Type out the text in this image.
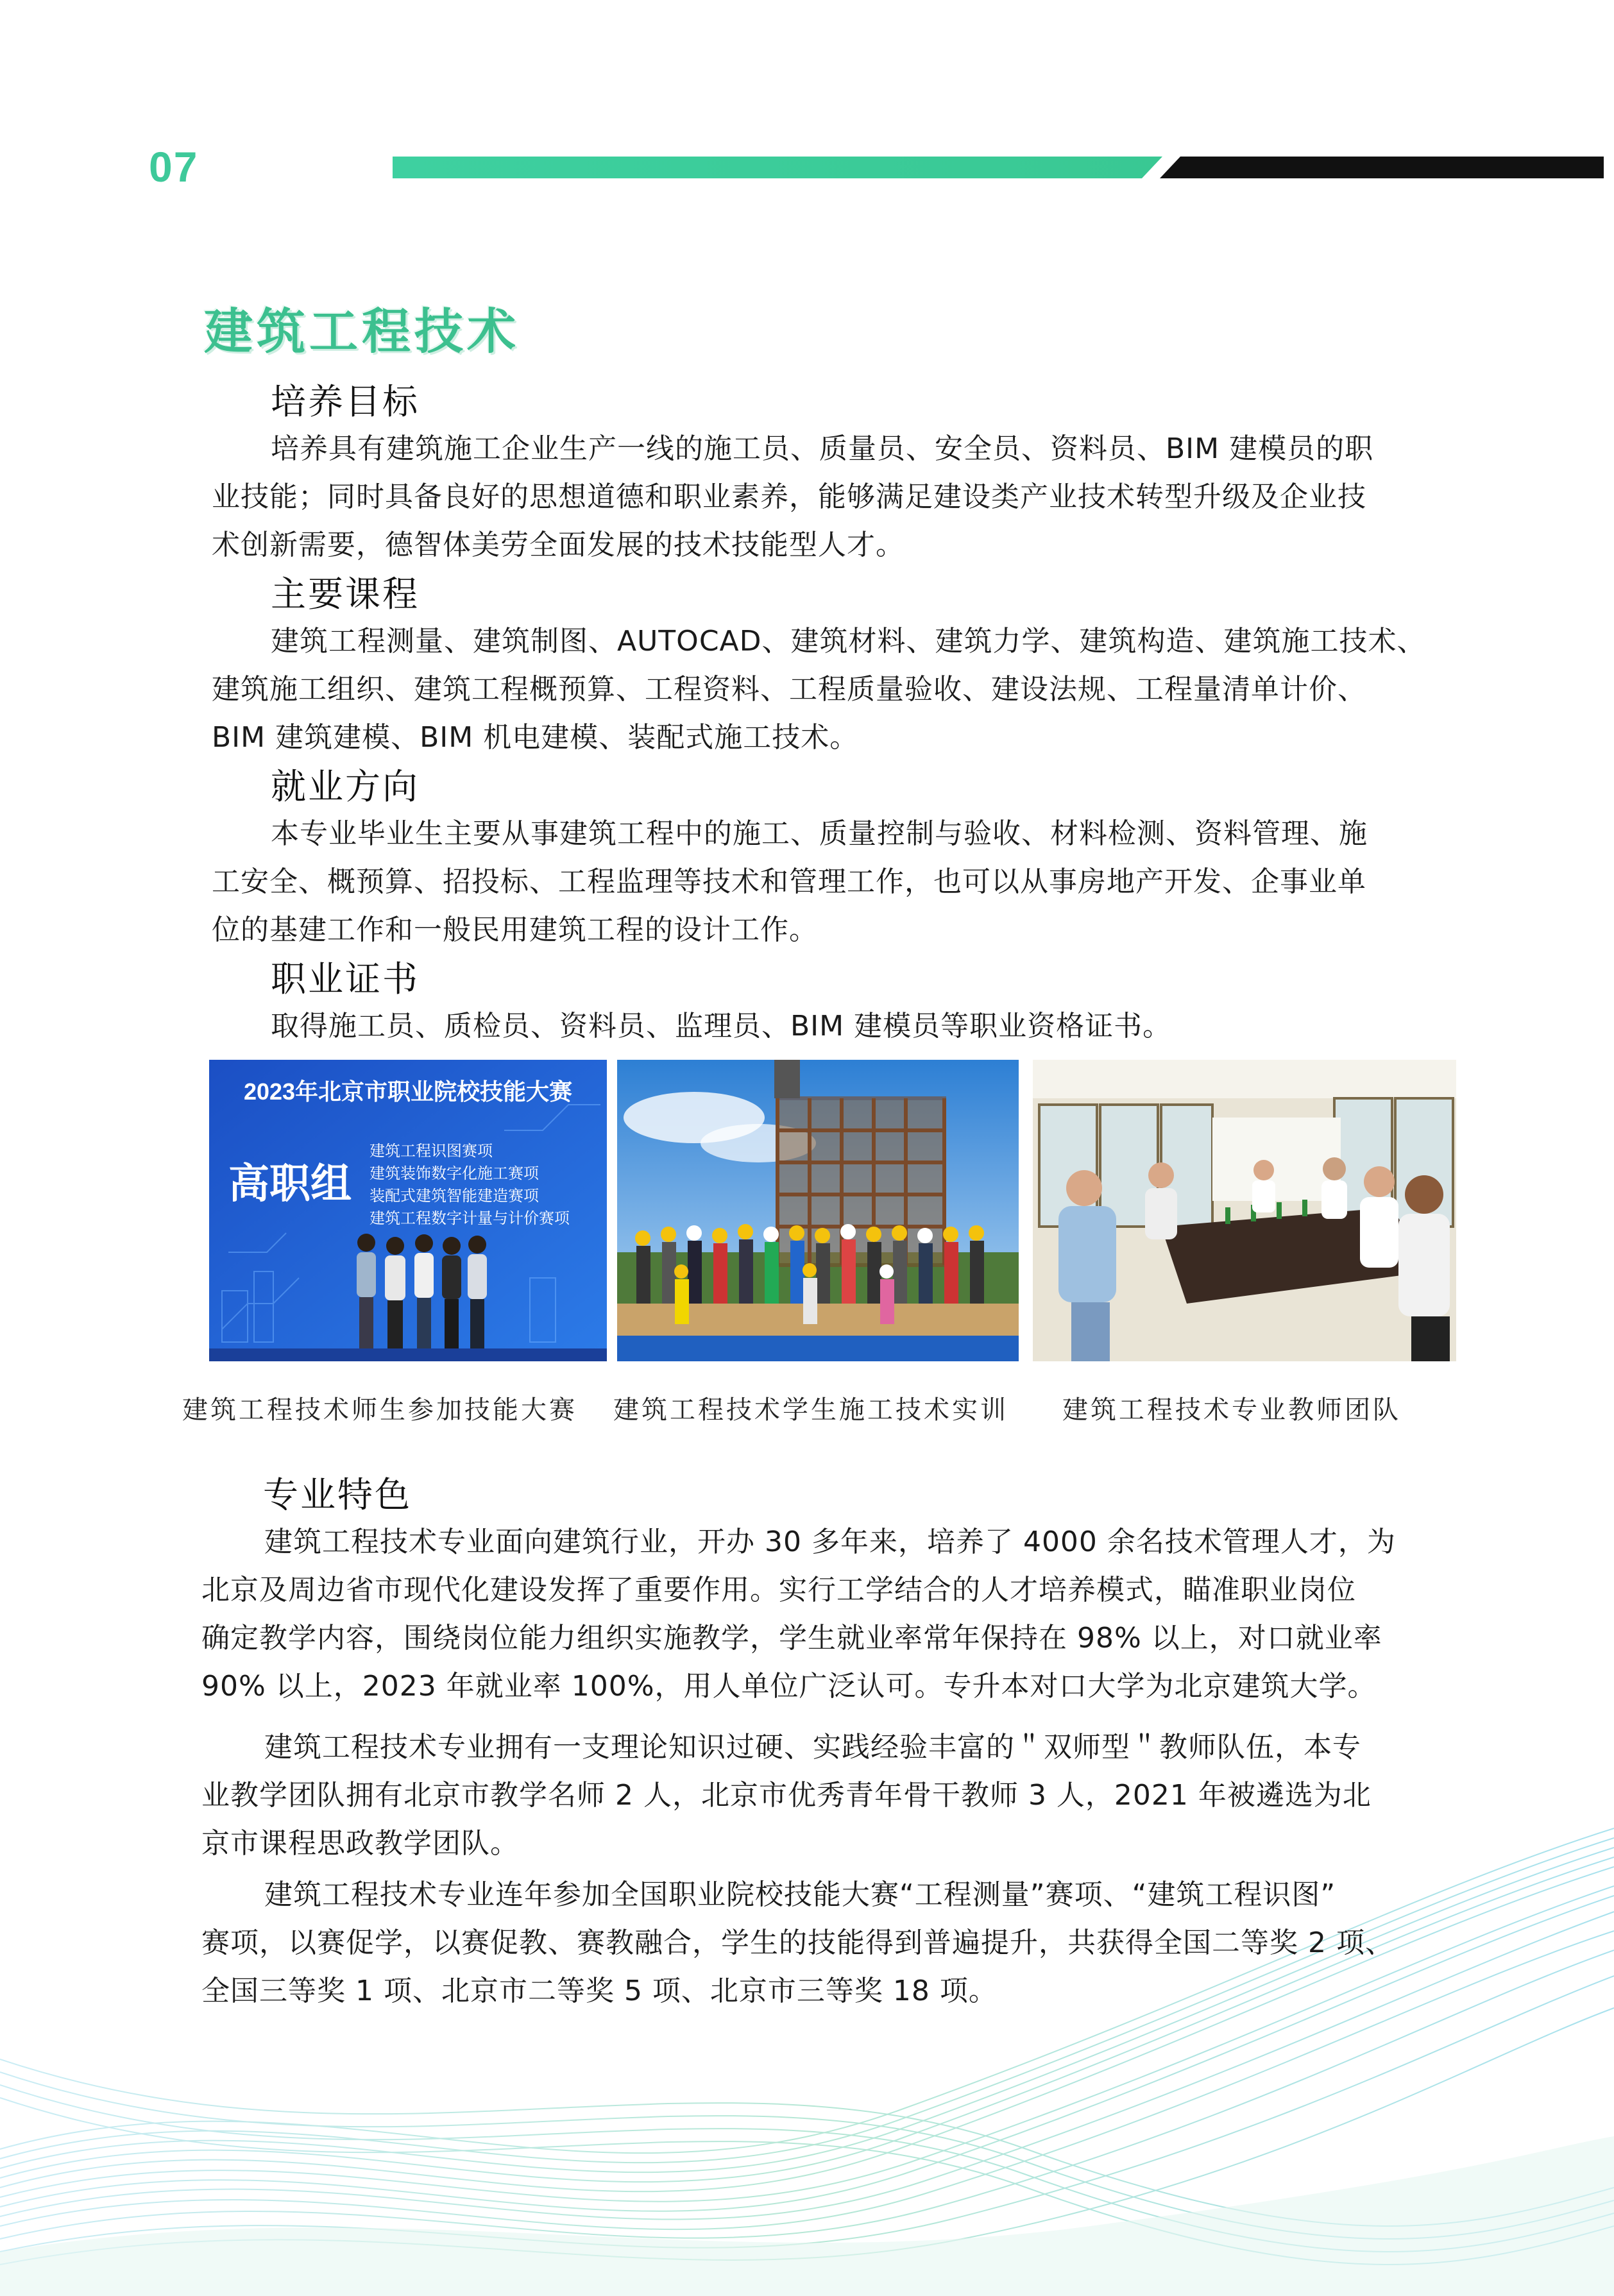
07
建筑工程技术
培养目标
培养具有建筑施工企业生产一线的施工员、质量员、安全员、资料员、BIM 建模员的职
业技能；同时具备良好的思想道德和职业素养，能够满足建设类产业技术转型升级及企业技
术创新需要，德智体美劳全面发展的技术技能型人才。
主要课程
建筑工程测量、建筑制图、AUTOCAD、建筑材料、建筑力学、建筑构造、建筑施工技术、
建筑施工组织、建筑工程概预算、工程资料、工程质量验收、建设法规、工程量清单计价、
BIM 建筑建模、BIM 机电建模、装配式施工技术。
就业方向
本专业毕业生主要从事建筑工程中的施工、质量控制与验收、材料检测、资料管理、施
工安全、概预算、招投标、工程监理等技术和管理工作，也可以从事房地产开发、企事业单
位的基建工作和一般民用建筑工程的设计工作。
职业证书
取得施工员、质检员、资料员、监理员、BIM 建模员等职业资格证书。
2023年北京市职业院校技能大赛
高职组
建筑工程识图赛项
建筑装饰数字化施工赛项
装配式建筑智能建造赛项
建筑工程数字计量与计价赛项
建筑工程技术师生参加技能大赛 建筑工程技术学生施工技术实训 建筑工程技术专业教师团队
专业特色
建筑工程技术专业面向建筑行业，开办 30 多年来，培养了 4000 余名技术管理人才，为
北京及周边省市现代化建设发挥了重要作用。实行工学结合的人才培养模式，瞄准职业岗位
确定教学内容，围绕岗位能力组织实施教学，学生就业率常年保持在 98% 以上，对口就业率
90% 以上，2023 年就业率 100%，用人单位广泛认可。专升本对口大学为北京建筑大学。
建筑工程技术专业拥有一支理论知识过硬、实践经验丰富的＂双师型＂教师队伍，本专
业教学团队拥有北京市教学名师 2 人，北京市优秀青年骨干教师 3 人，2021 年被遴选为北
京市课程思政教学团队。
建筑工程技术专业连年参加全国职业院校技能大赛“工程测量”赛项、“建筑工程识图”
赛项，以赛促学，以赛促教、赛教融合，学生的技能得到普遍提升，共获得全国二等奖 2 项、
全国三等奖 1 项、北京市二等奖 5 项、北京市三等奖 18 项。
